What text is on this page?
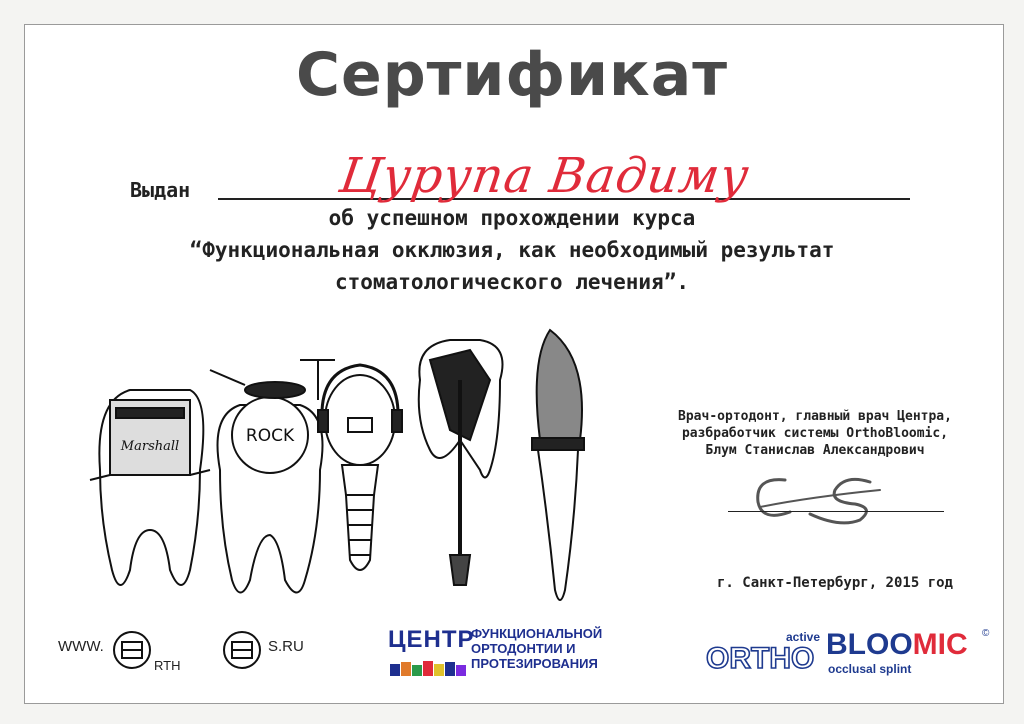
Сертификат
Выдан	Цурупа Вадиму
об успешном прохождении курса
“Функциональная окклюзия, как необходимый результат
стоматологического лечения”.
Marshall
ROCK
Врач-ортодонт, главный врач Центра,
разбработчик системы OrthoBloomic,
Блум Станислав Александрович
г. Санкт-Петербург, 2015 год
WWW.
RTH
S.RU	ЦЕНТР
ФУНКЦИОНАЛЬНОЙ
ОРТОДОНТИИ И
ПРОТЕЗИРОВАНИЯ
active
ORTHO BLOOMIC ©
occlusal splint
